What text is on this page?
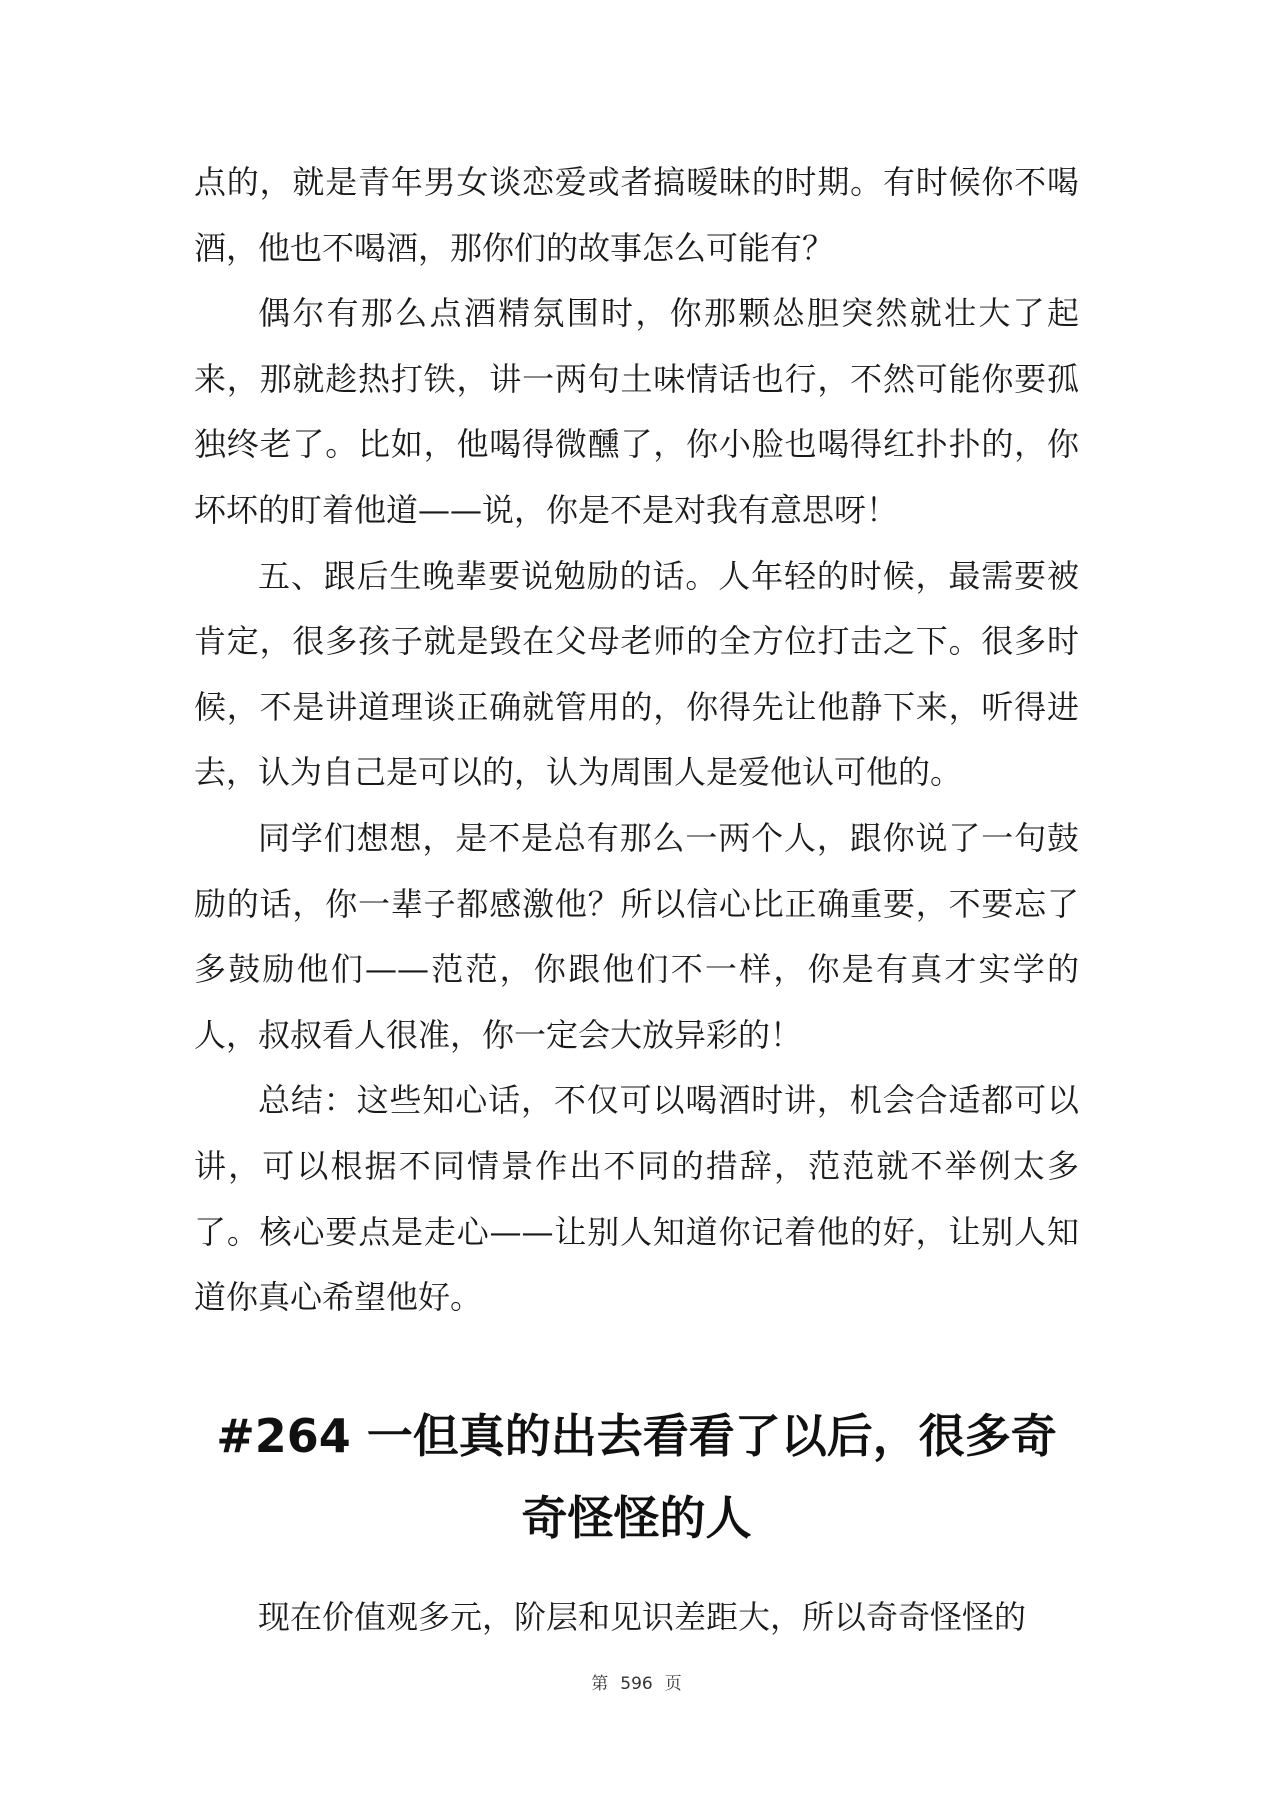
点的，就是青年男女谈恋爱或者搞暧昧的时期。有时候你不喝酒，他也不喝酒，那你们的故事怎么可能有？

偶尔有那么点酒精氛围时，你那颗怂胆突然就壮大了起来，那就趁热打铁，讲一两句土味情话也行，不然可能你要孤独终老了。比如，他喝得微醺了，你小脸也喝得红扑扑的，你坏坏的盯着他道——说，你是不是对我有意思呀！

五、跟后生晚辈要说勉励的话。人年轻的时候，最需要被肯定，很多孩子就是毁在父母老师的全方位打击之下。很多时候，不是讲道理谈正确就管用的，你得先让他静下来，听得进去，认为自己是可以的，认为周围人是爱他认可他的。

同学们想想，是不是总有那么一两个人，跟你说了一句鼓励的话，你一辈子都感激他？所以信心比正确重要，不要忘了多鼓励他们——范范，你跟他们不一样，你是有真才实学的人，叔叔看人很准，你一定会大放异彩的！

总结：这些知心话，不仅可以喝酒时讲，机会合适都可以讲，可以根据不同情景作出不同的措辞，范范就不举例太多了。核心要点是走心——让别人知道你记着他的好，让别人知道你真心希望他好。

#264 一但真的出去看看了以后，很多奇奇怪怪的人
现在价值观多元，阶层和见识差距大，所以奇奇怪怪的
第 596 页
